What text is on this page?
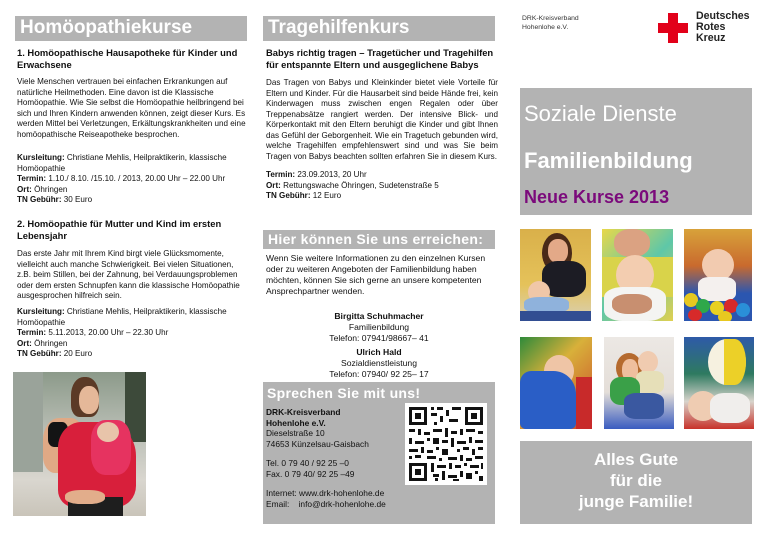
Homöopathiekurse
1. Homöopathische Hausapotheke für Kinder und Erwachsene
Viele Menschen vertrauen bei einfachen Erkrankungen auf natürliche Heilmethoden. Eine davon ist die Klassische Homöopathie. Wie Sie selbst die Homöopathie heilbringend bei sich und Ihren Kindern anwenden können, zeigt dieser Kurs. Es werden Mittel bei Verletzungen, Erkältungskrankheiten und eine homöopathische Reiseapotheke besprochen.
Kursleitung: Christiane Mehlis, Heilpraktikerin, klassische Homöopathie
Termin: 1.10./ 8.10. /15.10. / 2013, 20.00 Uhr – 22.00 Uhr
Ort: Öhringen
TN Gebühr: 30 Euro
2. Homöopathie für Mutter und Kind im ersten Lebensjahr
Das erste Jahr mit Ihrem Kind birgt viele Glücksmomente, vielleicht auch manche Schwierigkeit. Bei vielen Situationen, z.B. beim Stillen, bei der Zahnung, bei Verdauungsproblemen oder dem ersten Schnupfen kann die klassische Homöopathie ausgesprochen hilfreich sein.
Kursleitung: Christiane Mehlis, Heilpraktikerin, klassische Homöopathie
Termin: 5.11.2013, 20.00 Uhr – 22.30 Uhr
Ort: Öhringen
TN Gebühr: 20 Euro
Tragehilfenkurs
Babys richtig tragen – Tragetücher und Tragehilfen für entspannte Eltern und ausgeglichene Babys
Das Tragen von Babys und Kleinkinder bietet viele Vorteile für Eltern und Kinder. Für die Hausarbeit sind beide Hände frei, kein Kinderwagen muss zwischen engen Regalen oder über Treppenabsätze rangiert werden. Der intensive Blick- und Körperkontakt mit den Eltern beruhigt die Kinder und gibt Ihnen das Gefühl der Geborgenheit. Wie ein Tragetuch gebunden wird, welche Tragehilfen empfehlenswert sind und was Sie beim Tragen von Babys beachten sollten erfahren Sie in diesem Kurs.
Termin: 23.09.2013, 20 Uhr
Ort: Rettungswache Öhringen, Sudetenstraße 5
TN Gebühr: 12 Euro
Hier können Sie uns erreichen:
Wenn Sie weitere Informationen zu den einzelnen Kursen oder zu weiteren Angeboten der Familienbildung haben möchten, können Sie sich gerne an unsere kompetenten Ansprechpartner wenden.
Birgitta Schuhmacher
Familienbildung
Telefon: 07941/98667– 41
Ulrich Hald
Sozialdienstleistung
Telefon: 07940/ 92 25– 17
Sprechen Sie mit uns!
DRK-Kreisverband
Hohenlohe e.V.
Dieselstraße 10
74653 Künzelsau-Gaisbach
Tel. 0 79 40 / 92 25 –0
Fax. 0 79 40/ 92 25 –49
Internet: www.drk-hohenlohe.de
Email:    info@drk-hohenlohe.de
DRK-Kreisverband
Hohenlohe e.V.
Deutsches
Rotes
Kreuz
Soziale Dienste
Familienbildung
Neue Kurse 2013
Alles Gute
für die
junge Familie!
